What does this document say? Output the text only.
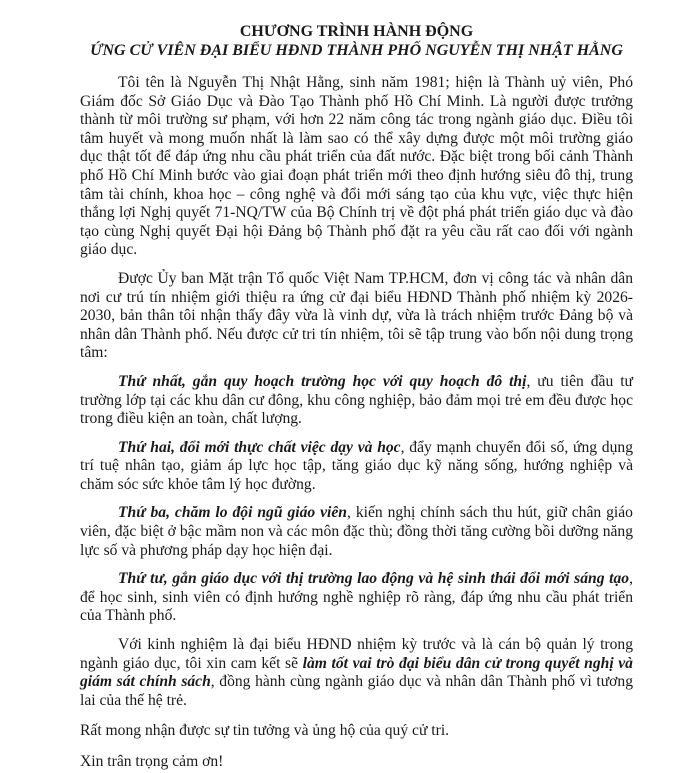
CHƯƠNG TRÌNH HÀNH ĐỘNG

ỨNG CỬ VIÊN ĐẠI BIỂU HĐND THÀNH PHỐ NGUYỄN THỊ NHẬT HẰNG

Tôi tên là Nguyễn Thị Nhật Hằng, sinh năm 1981; hiện là Thành uỷ viên, Phó Giám đốc Sở Giáo Dục và Đào Tạo Thành phố Hồ Chí Minh. Là người được trưởng thành từ môi trường sư phạm, với hơn 22 năm công tác trong ngành giáo dục. Điều tôi tâm huyết và mong muốn nhất là làm sao có thể xây dựng được một môi trường giáo dục thật tốt để đáp ứng nhu cầu phát triển của đất nước. Đặc biệt trong bối cảnh Thành phố Hồ Chí Minh bước vào giai đoạn phát triển mới theo định hướng siêu đô thị, trung tâm tài chính, khoa học – công nghệ và đổi mới sáng tạo của khu vực, việc thực hiện thắng lợi Nghị quyết 71-NQ/TW của Bộ Chính trị về đột phá phát triển giáo dục và đào tạo cùng Nghị quyết Đại hội Đảng bộ Thành phố đặt ra yêu cầu rất cao đối với ngành giáo dục.

Được Ủy ban Mặt trận Tổ quốc Việt Nam TP.HCM, đơn vị công tác và nhân dân nơi cư trú tín nhiệm giới thiệu ra ứng cử đại biểu HĐND Thành phố nhiệm kỳ 2026-2030, bản thân tôi nhận thấy đây vừa là vinh dự, vừa là trách nhiệm trước Đảng bộ và nhân dân Thành phố. Nếu được cử tri tín nhiệm, tôi sẽ tập trung vào bốn nội dung trọng tâm:

Thứ nhất, gắn quy hoạch trường học với quy hoạch đô thị, ưu tiên đầu tư trường lớp tại các khu dân cư đông, khu công nghiệp, bảo đảm mọi trẻ em đều được học trong điều kiện an toàn, chất lượng.

Thứ hai, đổi mới thực chất việc dạy và học, đẩy mạnh chuyển đổi số, ứng dụng trí tuệ nhân tạo, giảm áp lực học tập, tăng giáo dục kỹ năng sống, hướng nghiệp và chăm sóc sức khỏe tâm lý học đường.

Thứ ba, chăm lo đội ngũ giáo viên, kiến nghị chính sách thu hút, giữ chân giáo viên, đặc biệt ở bậc mầm non và các môn đặc thù; đồng thời tăng cường bồi dưỡng năng lực số và phương pháp dạy học hiện đại.

Thứ tư, gắn giáo dục với thị trường lao động và hệ sinh thái đổi mới sáng tạo, để học sinh, sinh viên có định hướng nghề nghiệp rõ ràng, đáp ứng nhu cầu phát triển của Thành phố.

Với kinh nghiệm là đại biểu HĐND nhiệm kỳ trước và là cán bộ quản lý trong ngành giáo dục, tôi xin cam kết sẽ làm tốt vai trò đại biểu dân cử trong quyết nghị và giám sát chính sách, đồng hành cùng ngành giáo dục và nhân dân Thành phố vì tương lai của thế hệ trẻ.

Rất mong nhận được sự tin tưởng và ủng hộ của quý cử tri.

Xin trân trọng cảm ơn!
